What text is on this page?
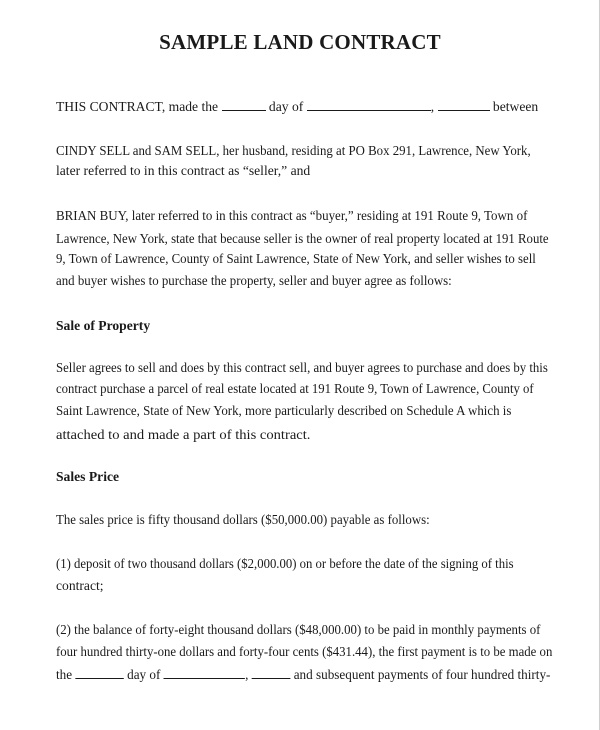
SAMPLE LAND CONTRACT
THIS CONTRACT, made the	day of	,	between
CINDY SELL and SAM SELL, her husband, residing at PO Box 291, Lawrence, New York,
later referred to in this contract as “seller,” and
BRIAN BUY, later referred to in this contract as “buyer,” residing at 191 Route 9, Town of
Lawrence, New York, state that because seller is the owner of real property located at 191 Route
9, Town of Lawrence, County of Saint Lawrence, State of New York, and seller wishes to sell
and buyer wishes to purchase the property, seller and buyer agree as follows:
Sale of Property
Seller agrees to sell and does by this contract sell, and buyer agrees to purchase and does by this
contract purchase a parcel of real estate located at 191 Route 9, Town of Lawrence, County of
Saint Lawrence, State of New York, more particularly described on Schedule A which is
attached to and made a part of this contract.
Sales Price
The sales price is fifty thousand dollars ($50,000.00) payable as follows:
(1) deposit of two thousand dollars ($2,000.00) on or before the date of the signing of this
contract;
(2) the balance of forty-eight thousand dollars ($48,000.00) to be paid in monthly payments of
four hundred thirty-one dollars and forty-four cents ($431.44), the first payment is to be made on
the	day of	,	and subsequent payments of four hundred thirty-
